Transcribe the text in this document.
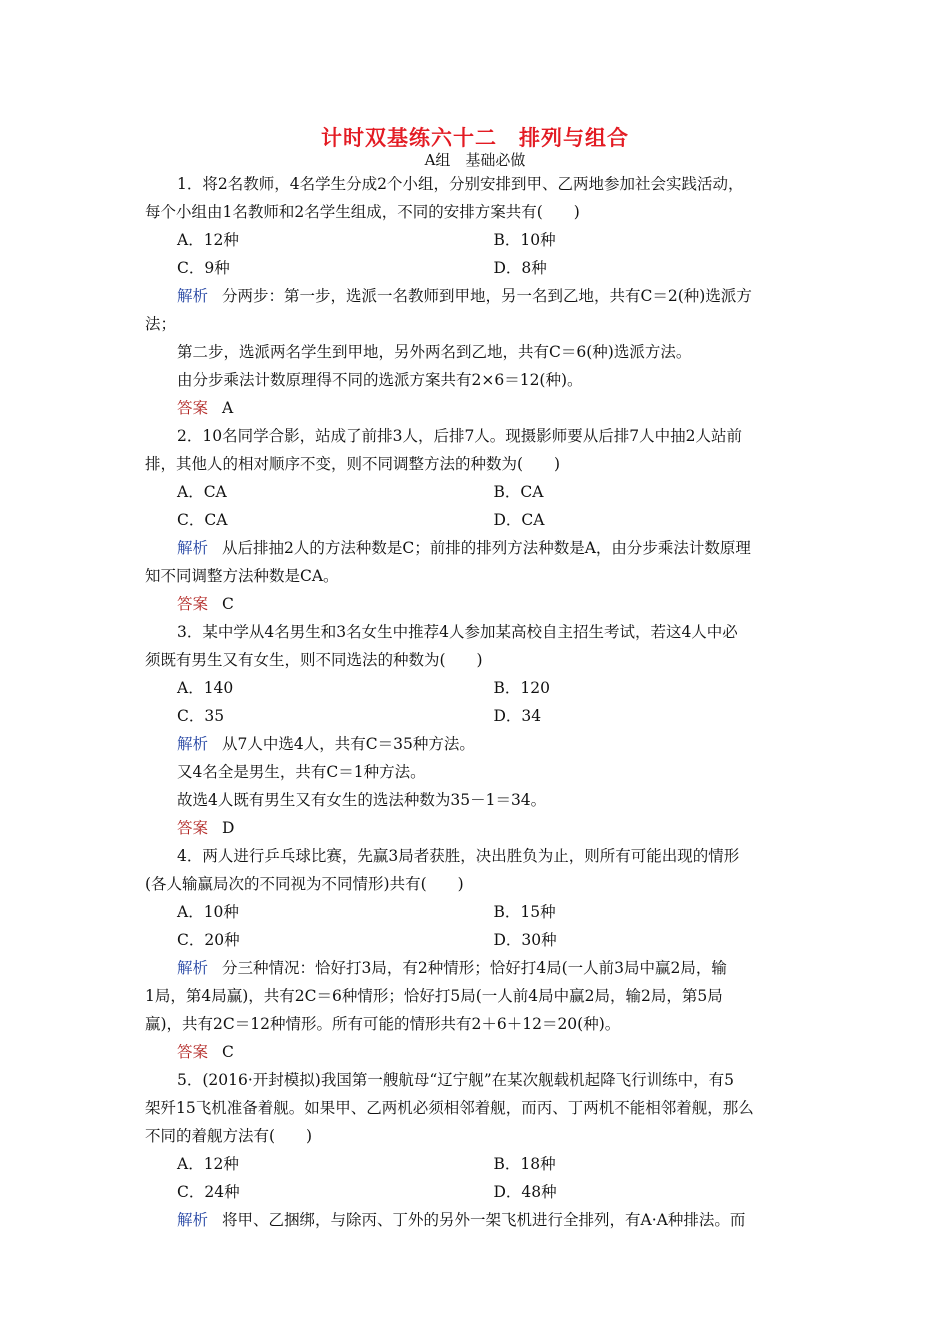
计时双基练六十二　排列与组合
A组　基础必做
1．将2名教师，4名学生分成2个小组，分别安排到甲、乙两地参加社会实践活动，
每个小组由1名教师和2名学生组成，不同的安排方案共有(　　)
A．12种	B．10种
C．9种	D．8种
解析 分两步：第一步，选派一名教师到甲地，另一名到乙地，共有C＝2(种)选派方
法；
第二步，选派两名学生到甲地，另外两名到乙地，共有C＝6(种)选派方法。
由分步乘法计数原理得不同的选派方案共有2×6＝12(种)。
答案 A
2．10名同学合影，站成了前排3人，后排7人。现摄影师要从后排7人中抽2人站前
排，其他人的相对顺序不变，则不同调整方法的种数为(　　)
A．CA	B．CA
C．CA	D．CA
解析 从后排抽2人的方法种数是C；前排的排列方法种数是A，由分步乘法计数原理
知不同调整方法种数是CA。
答案 C
3．某中学从4名男生和3名女生中推荐4人参加某高校自主招生考试，若这4人中必
须既有男生又有女生，则不同选法的种数为(　　)
A．140	B．120
C．35	D．34
解析 从7人中选4人，共有C＝35种方法。
又4名全是男生，共有C＝1种方法。
故选4人既有男生又有女生的选法种数为35－1＝34。
答案 D
4．两人进行乒乓球比赛，先赢3局者获胜，决出胜负为止，则所有可能出现的情形
(各人输赢局次的不同视为不同情形)共有(　　)
A．10种	B．15种
C．20种	D．30种
解析 分三种情况：恰好打3局，有2种情形；恰好打4局(一人前3局中赢2局，输
1局，第4局赢)，共有2C＝6种情形；恰好打5局(一人前4局中赢2局，输2局，第5局
赢)，共有2C＝12种情形。所有可能的情形共有2＋6＋12＝20(种)。
答案 C
5．(2016·开封模拟)我国第一艘航母“辽宁舰”在某次舰载机起降飞行训练中，有5
架歼15飞机准备着舰。如果甲、乙两机必须相邻着舰，而丙、丁两机不能相邻着舰，那么
不同的着舰方法有(　　)
A．12种	B．18种
C．24种	D．48种
解析 将甲、乙捆绑，与除丙、丁外的另外一架飞机进行全排列，有A·A种排法。而
